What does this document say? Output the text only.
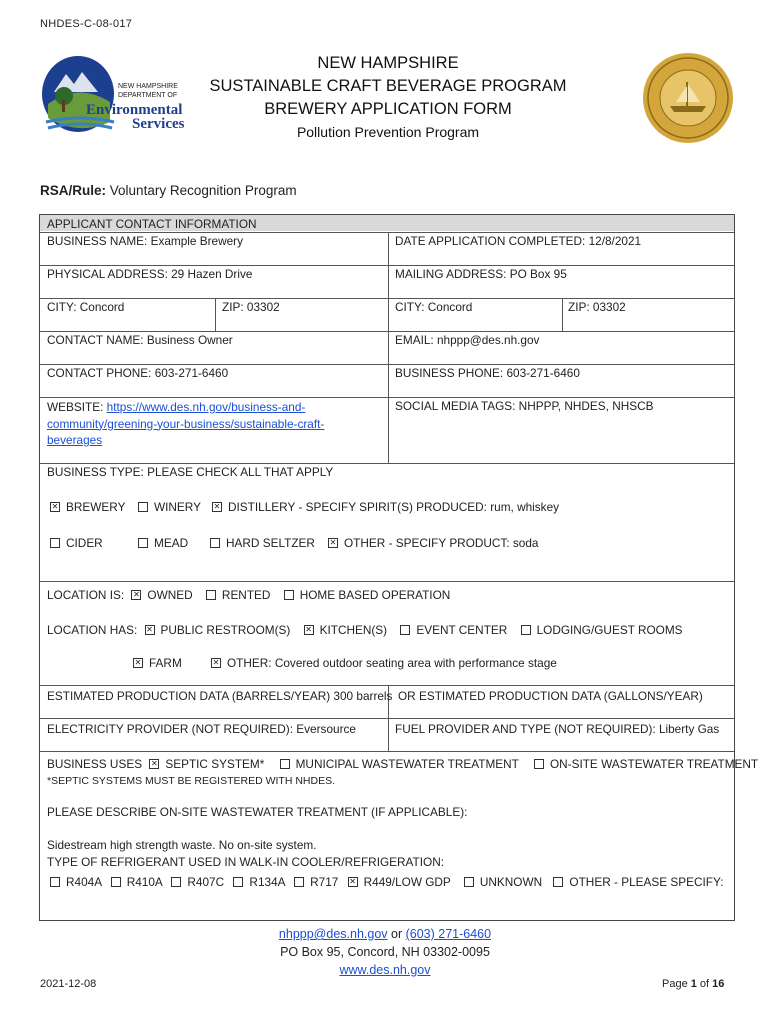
NHDES-C-08-017
NEW HAMPSHIRE
DEPARTMENT OF
Environmental
Services
NEW HAMPSHIRE
SUSTAINABLE CRAFT BEVERAGE PROGRAM
BREWERY APPLICATION FORM
Pollution Prevention Program
RSA/Rule: Voluntary Recognition Program
APPLICANT CONTACT INFORMATION
BUSINESS NAME: Example Brewery	DATE APPLICATION COMPLETED: 12/8/2021
PHYSICAL ADDRESS: 29 Hazen Drive	MAILING ADDRESS: PO Box 95
CITY: Concord	ZIP: 03302	CITY: Concord	ZIP: 03302
CONTACT NAME: Business Owner	EMAIL: nhppp@des.nh.gov
CONTACT PHONE: 603-271-6460	BUSINESS PHONE: 603-271-6460
WEBSITE: https://www.des.nh.gov/business-and-
community/greening-your-business/sustainable-craft-
beverages
SOCIAL MEDIA TAGS: NHPPP, NHDES, NHSCB
BUSINESS TYPE: PLEASE CHECK ALL THAT APPLY
✕BREWERY	WINERY ✕	DISTILLERY - SPECIFY SPIRIT(S) PRODUCED: rum, whiskey
CIDER	MEAD	HARD SELTZER ✕	OTHER - SPECIFY PRODUCT: soda
LOCATION IS: ✕ OWNED RENTED HOME BASED OPERATION
LOCATION HAS: ✕ PUBLIC RESTROOM(S) ✕ KITCHEN(S) EVENT CENTER LODGING/GUEST ROOMS
✕FARM ✕	OTHER: Covered outdoor seating area with performance stage
ESTIMATED PRODUCTION DATA (BARRELS/YEAR) 300 barrels OR ESTIMATED PRODUCTION DATA (GALLONS/YEAR)
ELECTRICITY PROVIDER (NOT REQUIRED): Eversource	FUEL PROVIDER AND TYPE (NOT REQUIRED): Liberty Gas
BUSINESS USES ✕ SEPTIC SYSTEM*	MUNICIPAL WASTEWATER TREATMENT	ON-SITE WASTEWATER TREATMENT
*SEPTIC SYSTEMS MUST BE REGISTERED WITH NHDES.
PLEASE DESCRIBE ON-SITE WASTEWATER TREATMENT (IF APPLICABLE):
Sidestream high strength waste. No on-site system.
TYPE OF REFRIGERANT USED IN WALK-IN COOLER/REFRIGERATION:
R404A R410A R407C R134A R717 ✕ R449/LOW GDP UNKNOWN OTHER - PLEASE SPECIFY:
nhppp@des.nh.gov or (603) 271-6460
PO Box 95, Concord, NH 03302-0095
www.des.nh.gov
2021-12-08	Page 1 of 16
